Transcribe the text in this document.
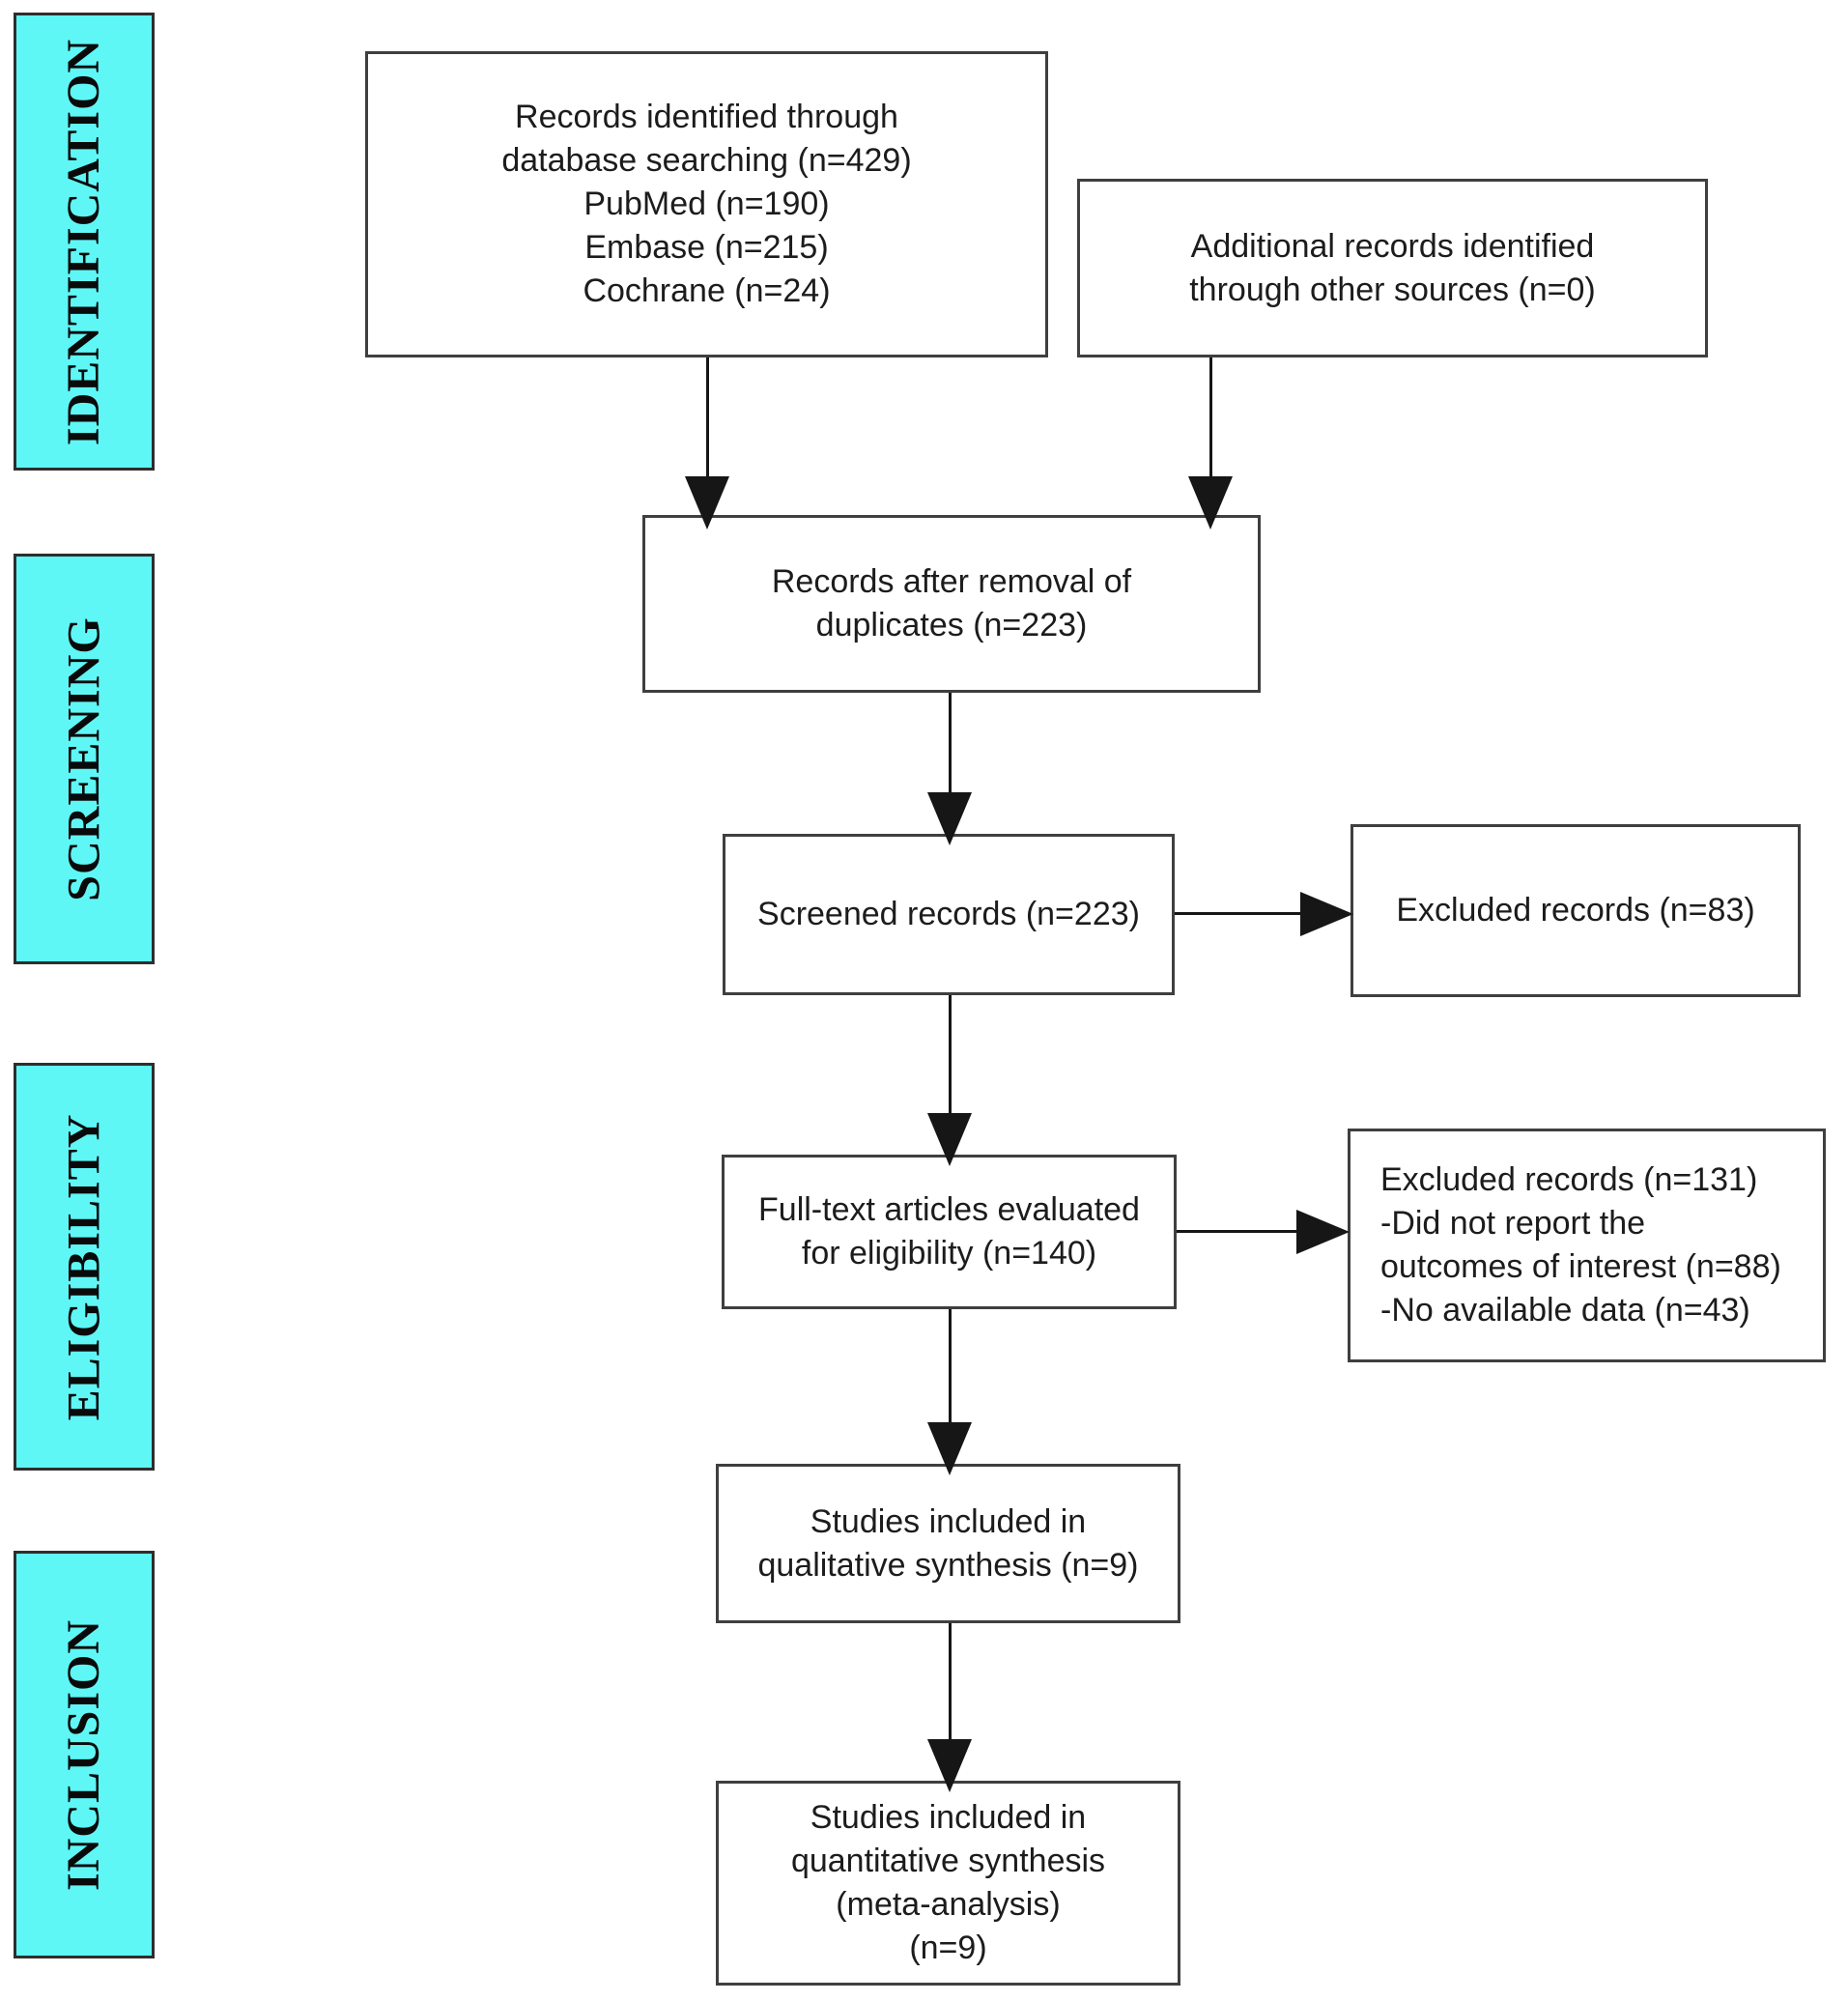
IDENTIFICATION
SCREENING
ELIGIBILITY
INCLUSION
Records identified through
database searching (n=429)
PubMed (n=190)
Embase (n=215)
Cochrane (n=24)
Additional records identified
through other sources (n=0)
Records after removal of
duplicates (n=223)
Screened records (n=223)	Excluded records (n=83)
Full-text articles evaluated
for eligibility (n=140)
Excluded records (n=131)
-Did not report the
outcomes of interest (n=88)
-No available data (n=43)
Studies included in
qualitative synthesis (n=9)
Studies included in
quantitative synthesis
(meta-analysis)
(n=9)
